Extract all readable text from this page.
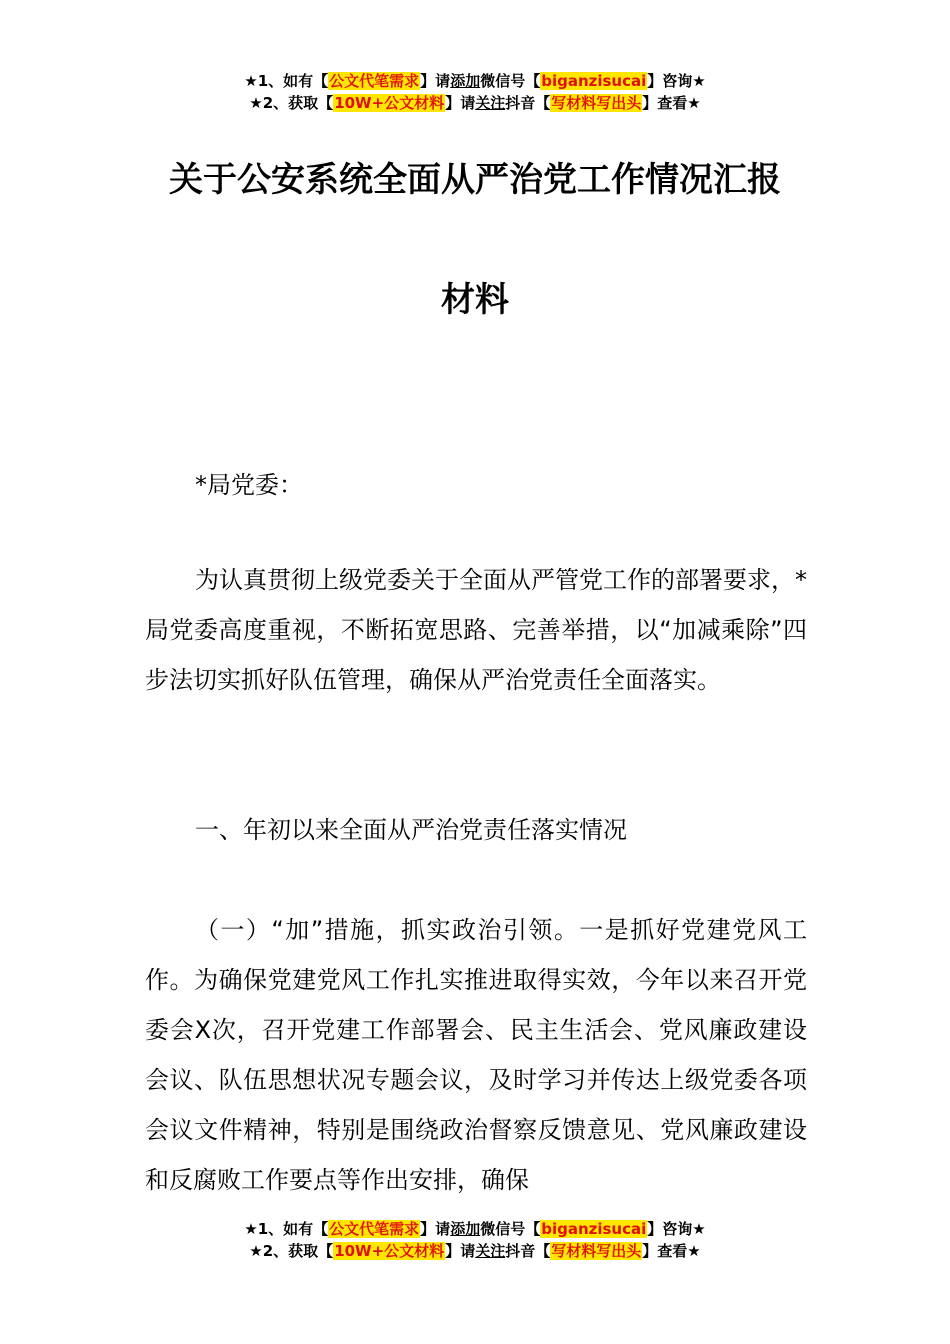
★1、如有【公文代笔需求】请添加微信号【biganzisucai】咨询★
★2、获取【10W+公文材料】请关注抖音【写材料写出头】查看★
关于公安系统全面从严治党工作情况汇报
材料

*局党委：

为认真贯彻上级党委关于全面从严管党工作的部署要求，*局党委高度重视，不断拓宽思路、完善举措，以“加减乘除”四步法切实抓好队伍管理，确保从严治党责任全面落实。

一、年初以来全面从严治党责任落实情况

（一）“加”措施，抓实政治引领。一是抓好党建党风工作。为确保党建党风工作扎实推进取得实效，今年以来召开党委会X次，召开党建工作部署会、民主生活会、党风廉政建设会议、队伍思想状况专题会议，及时学习并传达上级党委各项会议文件精神，特别是围绕政治督察反馈意见、党风廉政建设和反腐败工作要点等作出安排，确保

★1、如有【公文代笔需求】请添加微信号【biganzisucai】咨询★
★2、获取【10W+公文材料】请关注抖音【写材料写出头】查看★
